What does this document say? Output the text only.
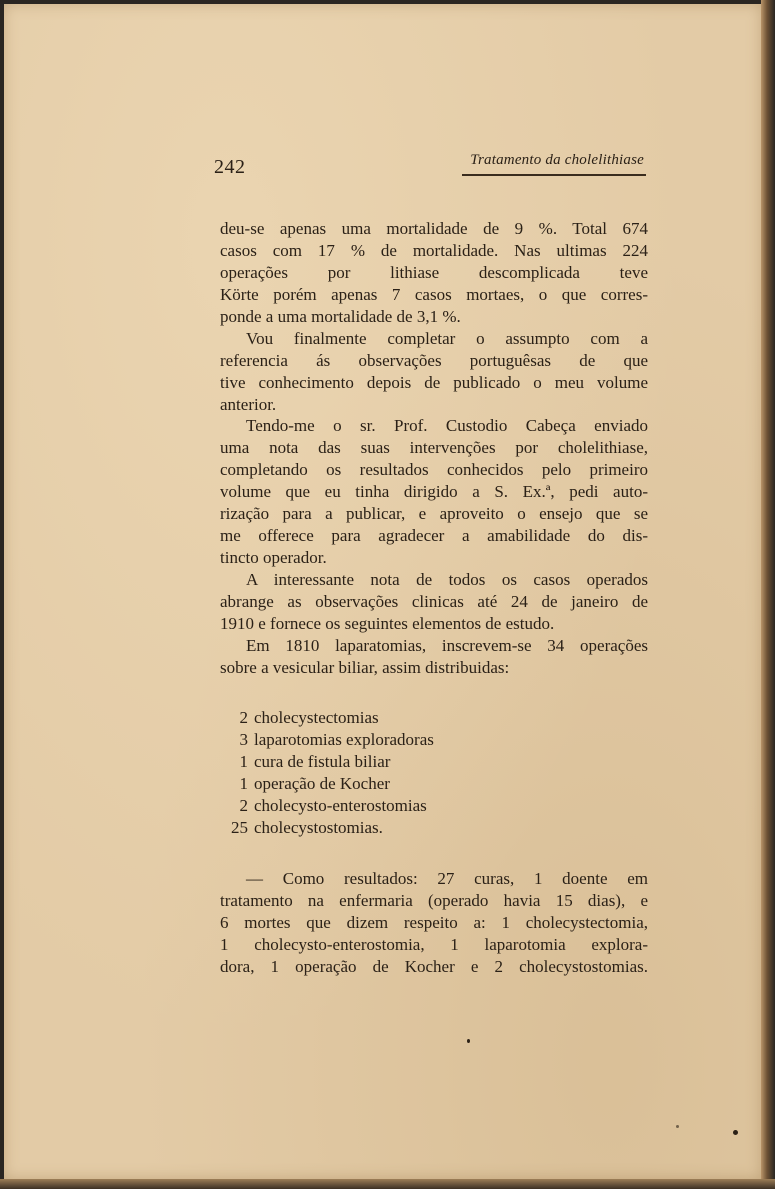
242	Tratamento da cholelithiase
deu-se apenas uma mortalidade de 9 %. Total 674
casos com 17 % de mortalidade. Nas ultimas 224
operações por lithiase descomplicada teve
Körte porém apenas 7 casos mortaes, o que corres-
ponde a uma mortalidade de 3,1 %.
Vou finalmente completar o assumpto com a
referencia ás observações portuguêsas de que
tive conhecimento depois de publicado o meu volume
anterior.
Tendo-me o sr. Prof. Custodio Cabeça enviado
uma nota das suas intervenções por cholelithiase,
completando os resultados conhecidos pelo primeiro
volume que eu tinha dirigido a S. Ex.ª, pedi auto-
rização para a publicar, e aproveito o ensejo que se
me offerece para agradecer a amabilidade do dis-
tincto operador.
A interessante nota de todos os casos operados
abrange as observações clinicas até 24 de janeiro de
1910 e fornece os seguintes elementos de estudo.
Em 1810 laparatomias, inscrevem-se 34 operações
sobre a vesicular biliar, assim distribuidas:
2 cholecystectomias
3 laparotomias exploradoras
1 cura de fistula biliar
1 operação de Kocher
2 cholecysto-enterostomias
25 cholecystostomias.
— Como resultados: 27 curas, 1 doente em
tratamento na enfermaria (operado havia 15 dias), e
6 mortes que dizem respeito a: 1 cholecystectomia,
1 cholecysto-enterostomia, 1 laparotomia explora-
dora, 1 operação de Kocher e 2 cholecystostomias.
